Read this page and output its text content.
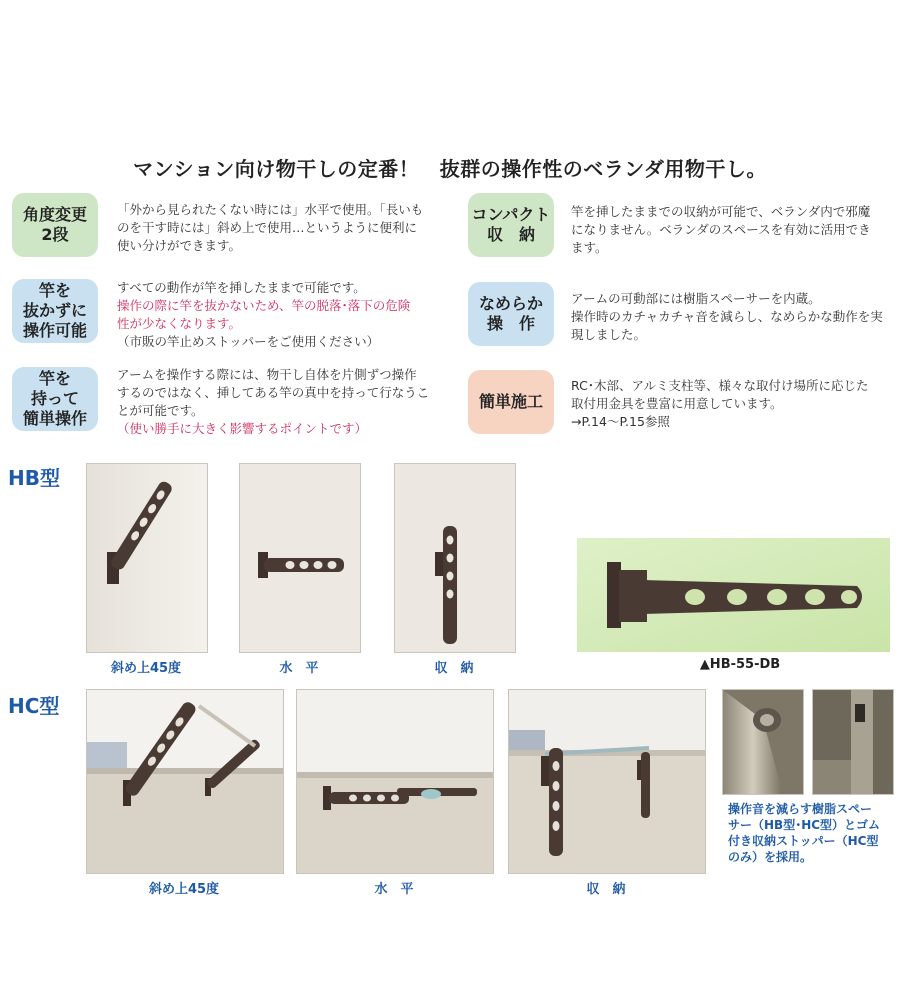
マンション向け物干しの定番！　抜群の操作性のベランダ用物干し。
角度変更
2段

「外から見られたくない時には」水平で使用。「長いも

のを干す時には」斜め上で使用…というように便利に

使い分けができます。

竿を
抜かずに
操作可能

すべての動作が竿を挿したままで可能です。

操作の際に竿を抜かないため、竿の脱落･落下の危険

性が少なくなります。

（市販の竿止めストッパーをご使用ください）

竿を
持って
簡単操作

アームを操作する際には、物干し自体を片側ずつ操作

するのではなく、挿してある竿の真中を持って行なうこ

とが可能です。

（使い勝手に大きく影響するポイントです）

コンパクト
収　納

竿を挿したままでの収納が可能で、ベランダ内で邪魔

になりません。ベランダのスペースを有効に活用でき

ます。

なめらか
操　作

アームの可動部には樹脂スペーサーを内蔵。

操作時のカチャカチャ音を減らし、なめらかな動作を実

現しました。

簡単施工

RC･木部、アルミ支柱等、様々な取付け場所に応じた

取付用金具を豊富に用意しています。

→P.14～P.15参照

HB型
斜め上45度	水　平	収　納	▲HB-55-DB
HC型
斜め上45度	水　平	収　納
操作音を減らす樹脂スペー
サー（HB型･HC型）とゴム
付き収納ストッパー（HC型
のみ）を採用。
